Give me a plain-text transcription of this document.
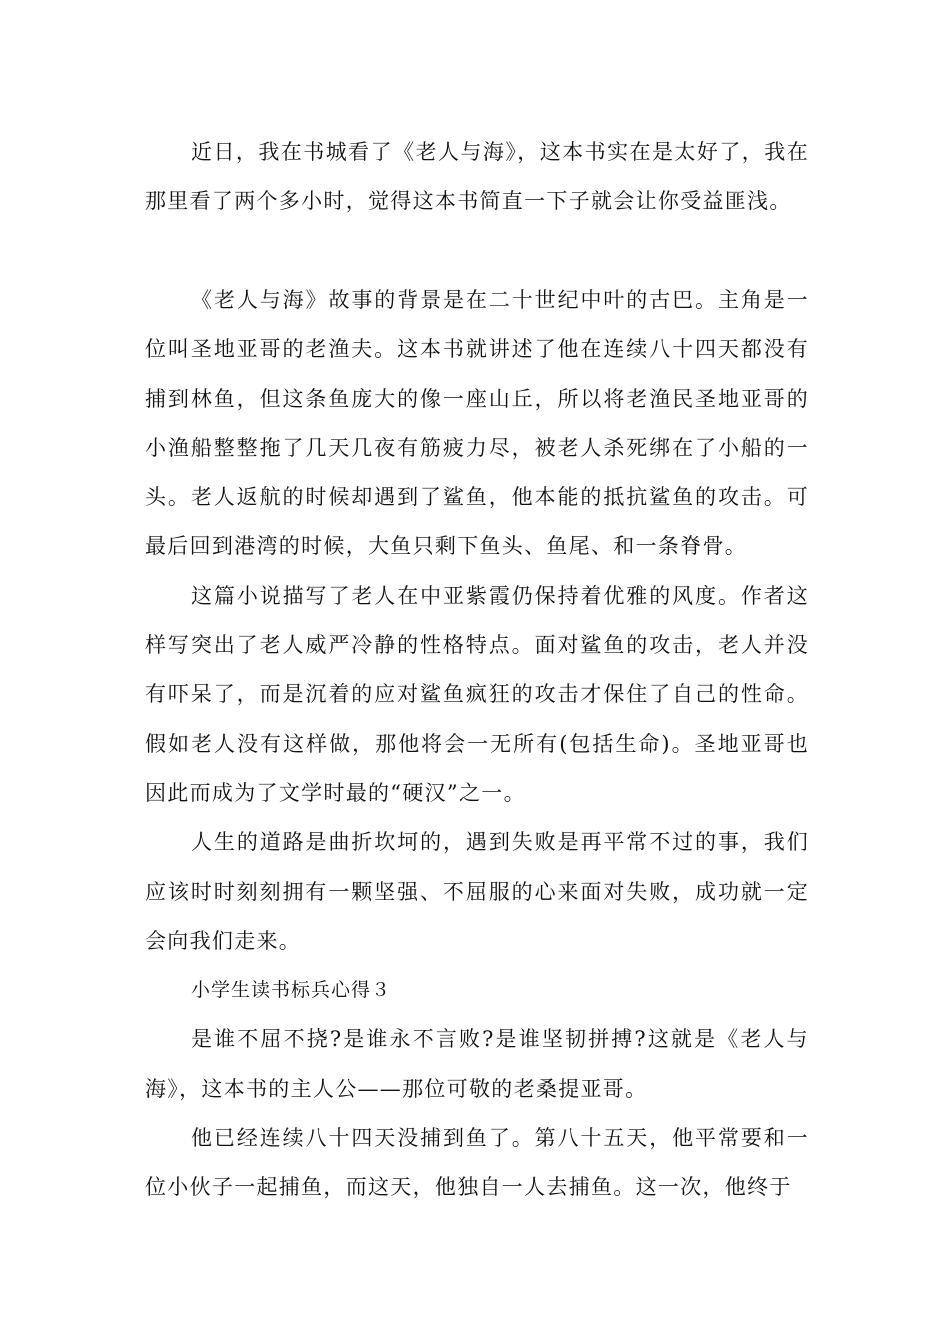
近日，我在书城看了《老人与海》，这本书实在是太好了，我在那里看了两个多小时，觉得这本书简直一下子就会让你受益匪浅。

《老人与海》故事的背景是在二十世纪中叶的古巴。主角是一位叫圣地亚哥的老渔夫。这本书就讲述了他在连续八十四天都没有捕到林鱼，但这条鱼庞大的像一座山丘，所以将老渔民圣地亚哥的小渔船整整拖了几天几夜有筋疲力尽，被老人杀死绑在了小船的一头。老人返航的时候却遇到了鲨鱼，他本能的抵抗鲨鱼的攻击。可最后回到港湾的时候，大鱼只剩下鱼头、鱼尾、和一条脊骨。

这篇小说描写了老人在中亚紫霞仍保持着优雅的风度。作者这样写突出了老人威严冷静的性格特点。面对鲨鱼的攻击，老人并没有吓呆了，而是沉着的应对鲨鱼疯狂的攻击才保住了自己的性命。假如老人没有这样做，那他将会一无所有(包括生命)。圣地亚哥也因此而成为了文学时最的“硬汉”之一。

人生的道路是曲折坎坷的，遇到失败是再平常不过的事，我们应该时时刻刻拥有一颗坚强、不屈服的心来面对失败，成功就一定会向我们走来。

小学生读书标兵心得３

是谁不屈不挠?是谁永不言败?是谁坚韧拼搏?这就是《老人与海》，这本书的主人公——那位可敬的老桑提亚哥。

他已经连续八十四天没捕到鱼了。第八十五天，他平常要和一位小伙子一起捕鱼，而这天，他独自一人去捕鱼。这一次，他终于
